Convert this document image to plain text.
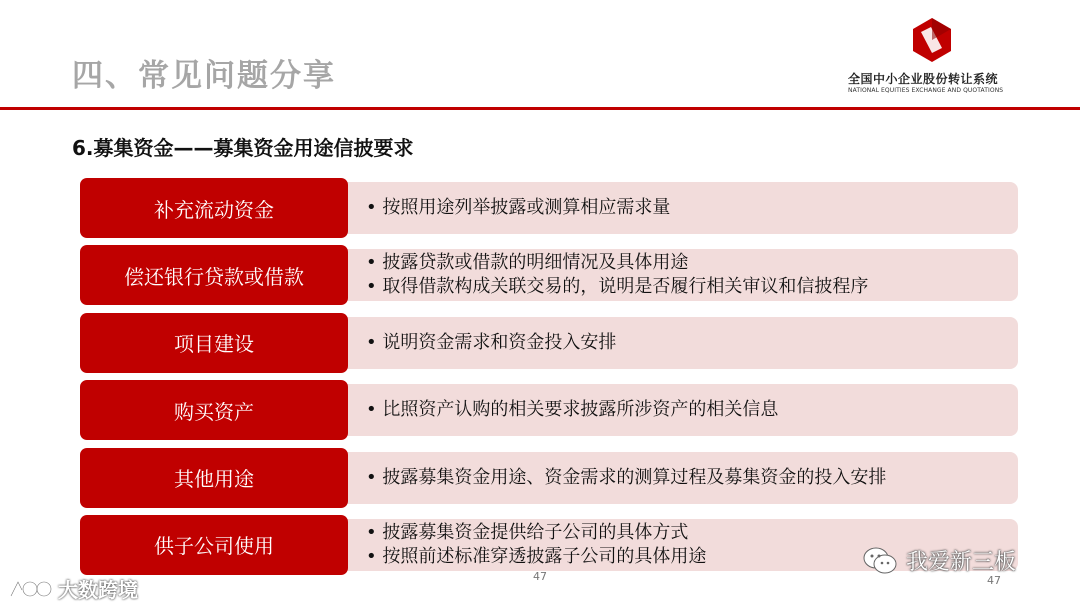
四、常见问题分享	全国中小企业股份转让系统
NATIONAL EQUITIES EXCHANGE AND QUOTATIONS
6.募集资金——募集资金用途信披要求
• 按照用途列举披露或测算相应需求量
补充流动资金
• 披露贷款或借款的明细情况及具体用途
• 取得借款构成关联交易的，说明是否履行相关审议和信披程序
偿还银行贷款或借款
• 说明资金需求和资金投入安排
项目建设
• 比照资产认购的相关要求披露所涉资产的相关信息
购买资产
• 披露募集资金用途、资金需求的测算过程及募集资金的投入安排
其他用途
• 披露募集资金提供给子公司的具体方式
• 按照前述标准穿透披露子公司的具体用途
供子公司使用
47	47
大数跨境
我爱新三板
